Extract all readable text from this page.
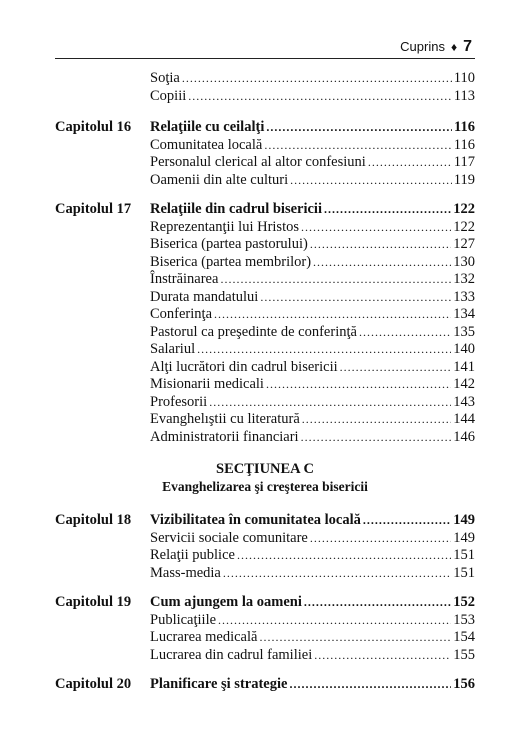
Cuprins ♦ 7
Soţia .....	110
Copiii .....	113
Capitolul 16 Relaţiile cu ceilalţi .....	116
Comunitatea locală .....	116
Personalul clerical al altor confesiuni .....	117
Oamenii din alte culturi .....	119
Capitolul 17 Relaţiile din cadrul bisericii .....	122
Reprezentanţii lui Hristos .....	122
Biserica (partea pastorului) .....	127
Biserica (partea membrilor) .....	130
Înstrăinarea .....	132
Durata mandatului .....	133
Conferinţa .....	134
Pastorul ca preşedinte de conferinţă .....	135
Salariul .....	140
Alţi lucrători din cadrul bisericii .....	141
Misionarii medicali .....	142
Profesorii .....	143
Evanghelıştii cu literatură .....	144
Administratorii financiari .....	146
SECŢIUNEA C
Evanghelizarea şi creşterea bisericii
Capitolul 18 Vizibilitatea în comunitatea locală .....	149
Servicii sociale comunitare .....	149
Relaţii publice .....	151
Mass-media .....	151
Capitolul 19 Cum ajungem la oameni .....	152
Publicaţiile .....	153
Lucrarea medicală .....	154
Lucrarea din cadrul familiei .....	155
Capitolul 20 Planificare şi strategie .....	156
